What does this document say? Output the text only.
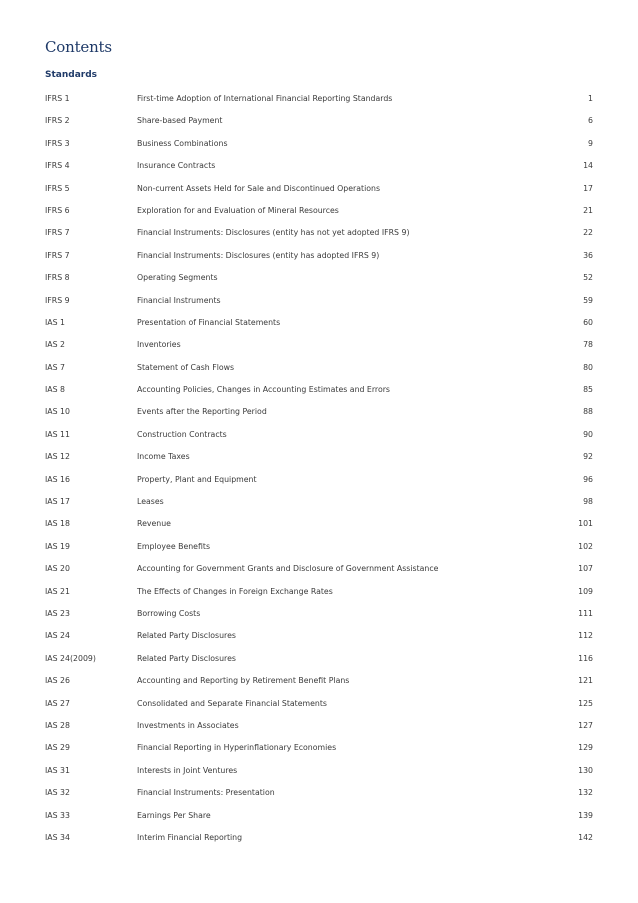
Contents
Standards
IFRS 1	First-time Adoption of International Financial Reporting Standards	1
IFRS 2	Share-based Payment	6
IFRS 3	Business Combinations	9
IFRS 4	Insurance Contracts	14
IFRS 5	Non-current Assets Held for Sale and Discontinued Operations	17
IFRS 6	Exploration for and Evaluation of Mineral Resources	21
IFRS 7	Financial Instruments: Disclosures (entity has not yet adopted IFRS 9)	22
IFRS 7	Financial Instruments: Disclosures (entity has adopted IFRS 9)	36
IFRS 8	Operating Segments	52
IFRS 9	Financial Instruments	59
IAS 1	Presentation of Financial Statements	60
IAS 2	Inventories	78
IAS 7	Statement of Cash Flows	80
IAS 8	Accounting Policies, Changes in Accounting Estimates and Errors	85
IAS 10	Events after the Reporting Period	88
IAS 11	Construction Contracts	90
IAS 12	Income Taxes	92
IAS 16	Property, Plant and Equipment	96
IAS 17	Leases	98
IAS 18	Revenue	101
IAS 19	Employee Benefits	102
IAS 20	Accounting for Government Grants and Disclosure of Government Assistance	107
IAS 21	The Effects of Changes in Foreign Exchange Rates	109
IAS 23	Borrowing Costs	111
IAS 24	Related Party Disclosures	112
IAS 24(2009)	Related Party Disclosures	116
IAS 26	Accounting and Reporting by Retirement Benefit Plans	121
IAS 27	Consolidated and Separate Financial Statements	125
IAS 28	Investments in Associates	127
IAS 29	Financial Reporting in Hyperinflationary Economies	129
IAS 31	Interests in Joint Ventures	130
IAS 32	Financial Instruments: Presentation	132
IAS 33	Earnings Per Share	139
IAS 34	Interim Financial Reporting	142
